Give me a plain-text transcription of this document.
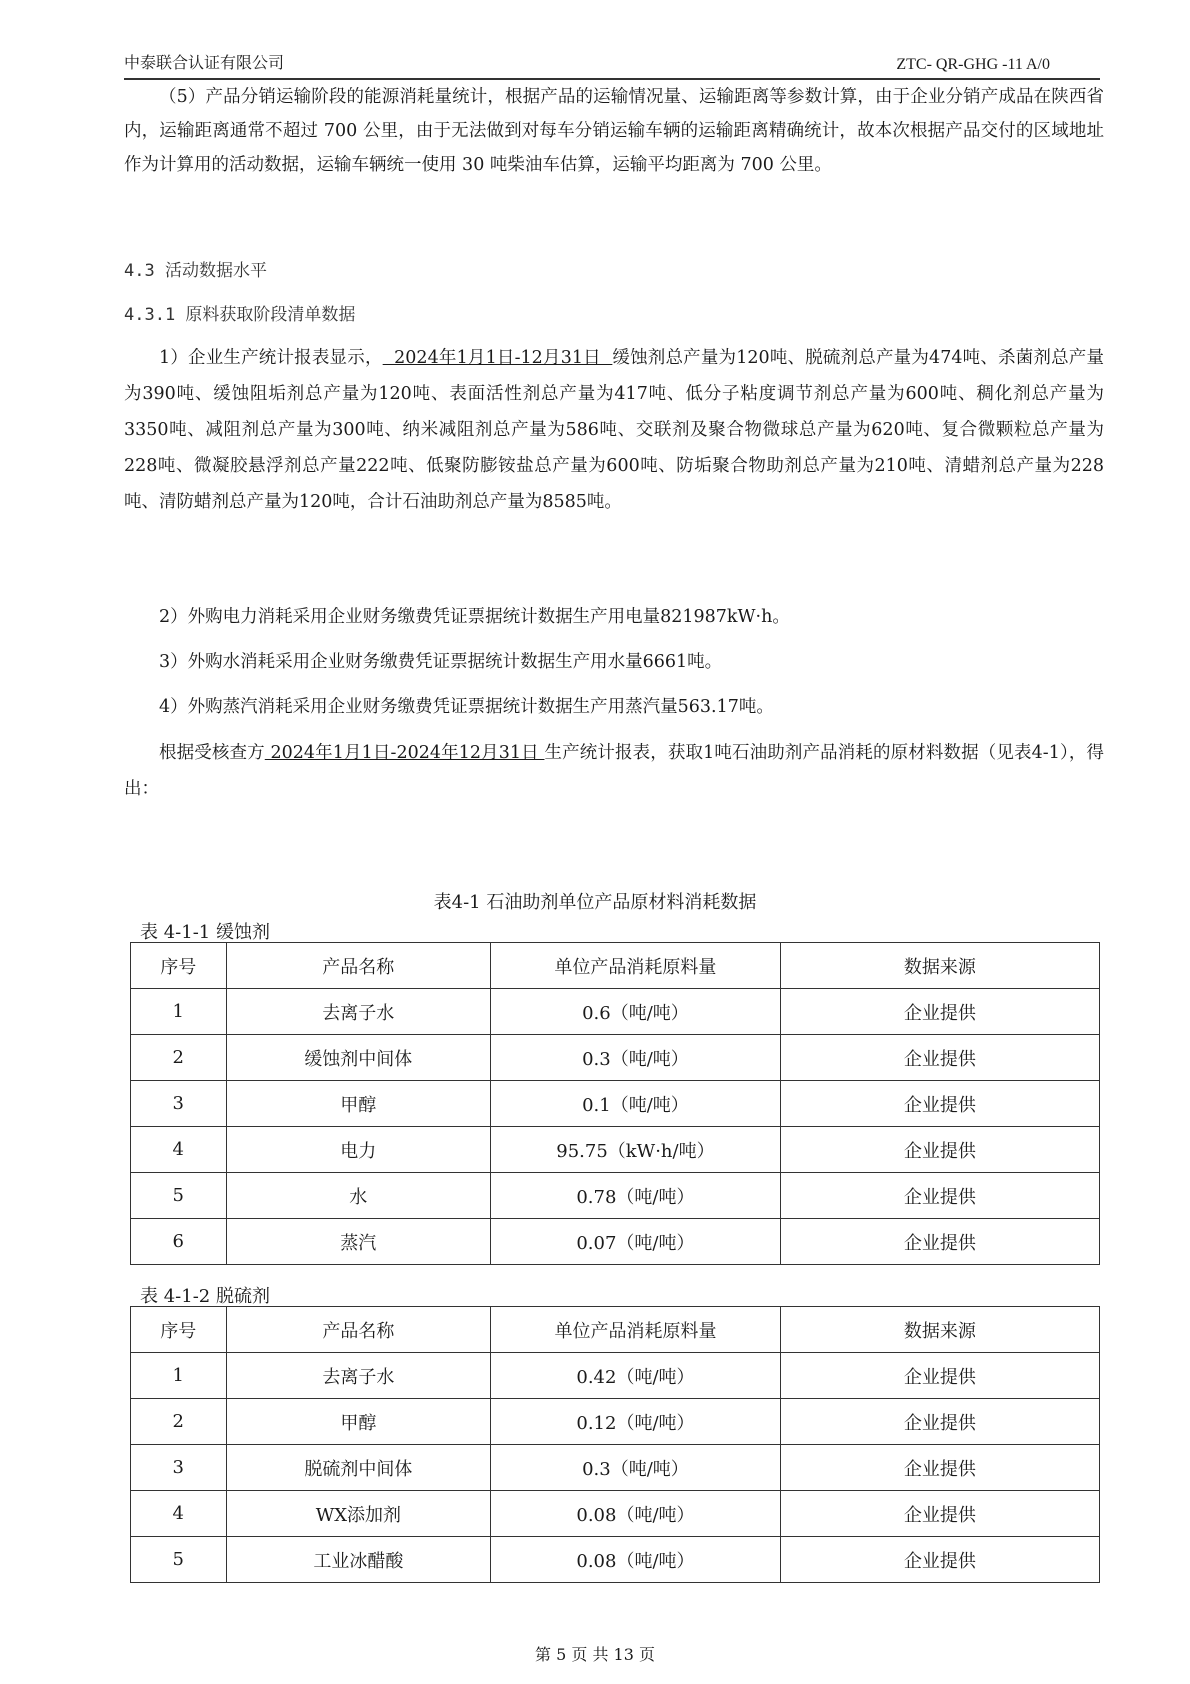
中泰联合认证有限公司	ZTC- QR-GHG -11 A/0
（5）产品分销运输阶段的能源消耗量统计，根据产品的运输情况量、运输距离等参数计算，由于企业分销产成品在陕西省内，运输距离通常不超过 700 公里，由于无法做到对每车分销运输车辆的运输距离精确统计，故本次根据产品交付的区域地址作为计算用的活动数据，运输车辆统一使用 30 吨柴油车估算，运输平均距离为 700 公里。
4.3 活动数据水平
4.3.1 原料获取阶段清单数据
1）企业生产统计报表显示，  2024年1月1日-12月31日  缓蚀剂总产量为120吨、脱硫剂总产量为474吨、杀菌剂总产量为390吨、缓蚀阻垢剂总产量为120吨、表面活性剂总产量为417吨、低分子粘度调节剂总产量为600吨、稠化剂总产量为3350吨、减阻剂总产量为300吨、纳米减阻剂总产量为586吨、交联剂及聚合物微球总产量为620吨、复合微颗粒总产量为228吨、微凝胶悬浮剂总产量222吨、低聚防膨铵盐总产量为600吨、防垢聚合物助剂总产量为210吨、清蜡剂总产量为228吨、清防蜡剂总产量为120吨，合计石油助剂总产量为8585吨。
2）外购电力消耗采用企业财务缴费凭证票据统计数据生产用电量821987kW·h。
3）外购水消耗采用企业财务缴费凭证票据统计数据生产用水量6661吨。
4）外购蒸汽消耗采用企业财务缴费凭证票据统计数据生产用蒸汽量563.17吨。
根据受核查方 2024年1月1日-2024年12月31日 生产统计报表，获取1吨石油助剂产品消耗的原材料数据（见表4-1），得出：
表4-1 石油助剂单位产品原材料消耗数据
表 4-1-1 缓蚀剂
序号	产品名称	单位产品消耗原料量	数据来源
1	去离子水	0.6（吨/吨）	企业提供
2	缓蚀剂中间体	0.3（吨/吨）	企业提供
3	甲醇	0.1（吨/吨）	企业提供
4	电力	95.75（kW·h/吨）	企业提供
5	水	0.78（吨/吨）	企业提供
6	蒸汽	0.07（吨/吨）	企业提供
表 4-1-2 脱硫剂
序号	产品名称	单位产品消耗原料量	数据来源
1	去离子水	0.42（吨/吨）	企业提供
2	甲醇	0.12（吨/吨）	企业提供
3	脱硫剂中间体	0.3（吨/吨）	企业提供
4	WX添加剂	0.08（吨/吨）	企业提供
5	工业冰醋酸	0.08（吨/吨）	企业提供
第 5 页 共 13 页
